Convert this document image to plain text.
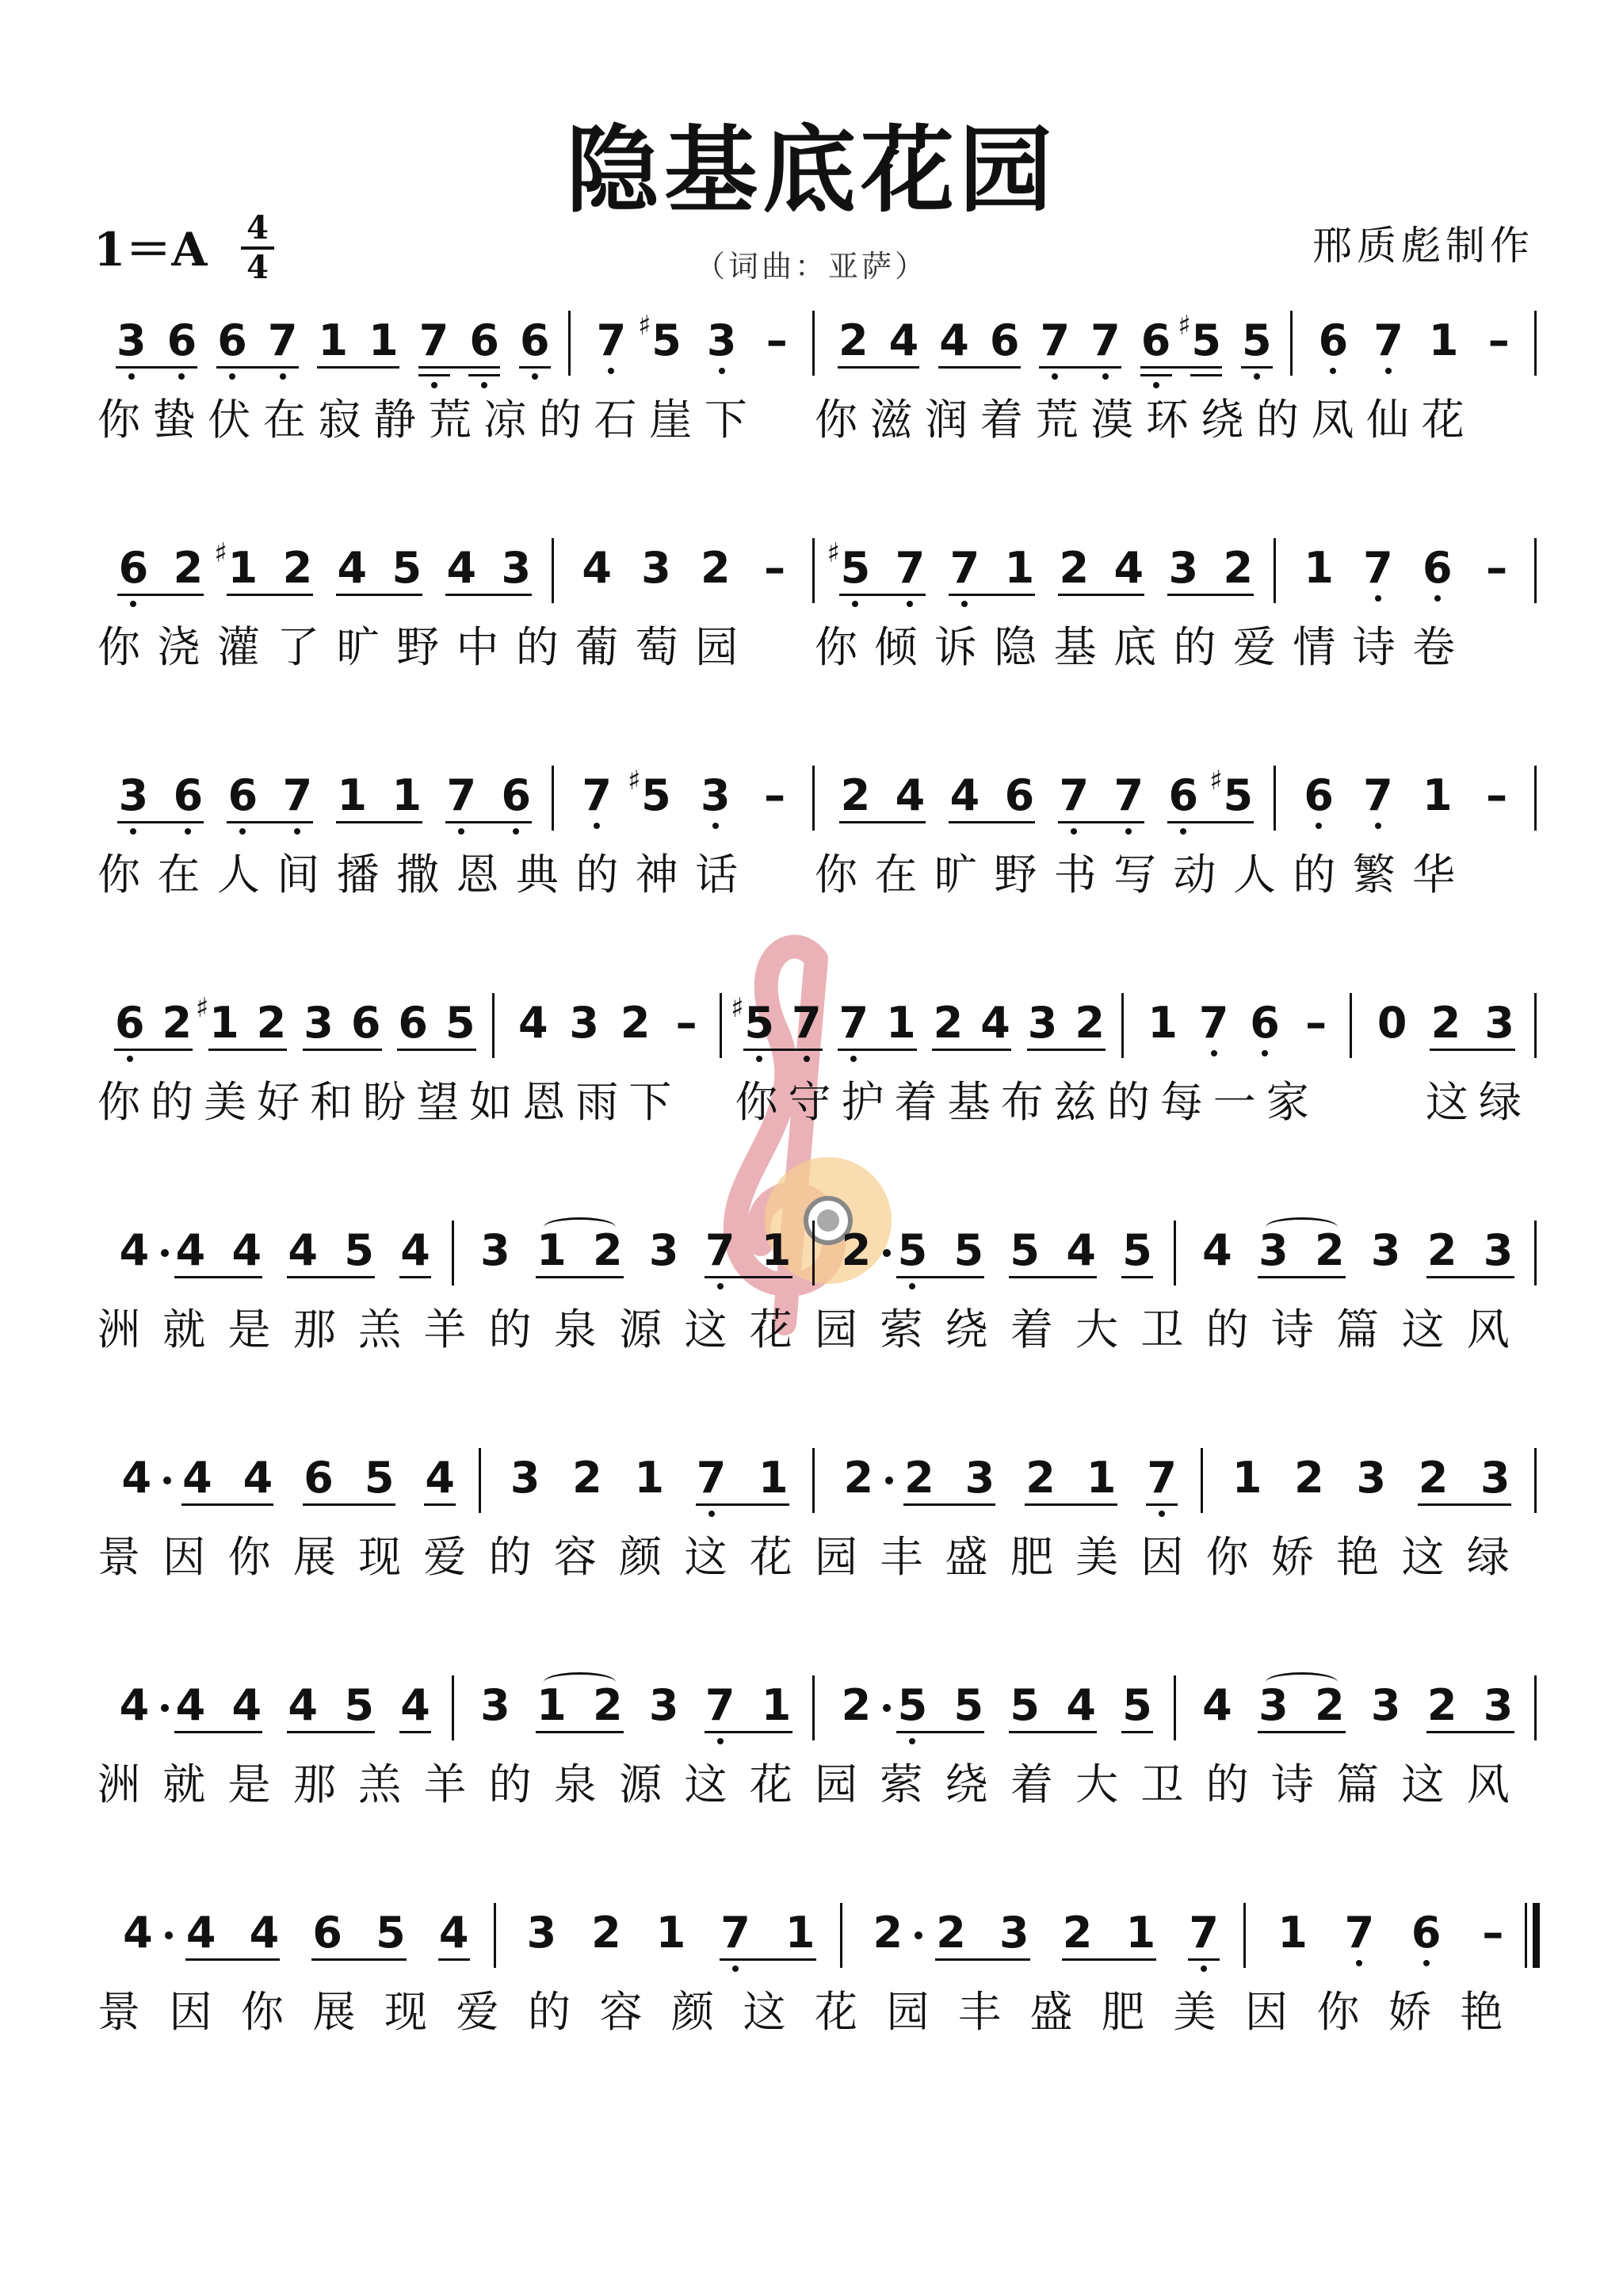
隐基底花园
1＝A 4
4	（词曲：亚萨）	邢质彪制作
3 6 6 7 1 1 7 6 6 7 5
♯ 3 – 2 4 4 6 7 7 6 5
♯ 5 6 7 1 –
你 蛰 伏 在 寂 静 荒 凉 的 石 崖 下 你 滋 润 着 荒 漠 环 绕 的 凤 仙 花
6 2 1
♯ 2 4 5 4 3 4 3 2 – 5
♯ 7 7 1 2 4 3 2 1 7 6 –
你 浇 灌 了 旷 野 中 的 葡 萄 园 你 倾 诉 隐 基 底 的 爱 情 诗 卷
3 6 6 7 1 1 7 6 7 5
♯ 3 – 2 4 4 6 7 7 6 5
♯ 6 7 1 –
你 在 人 间 播 撒 恩 典 的 神 话 你 在 旷 野 书 写 动 人 的 繁 华
6 2 1
♯ 2 3 6 6 5 4 3 2 – 5
♯ 7 7 1 2 4 3 2 1 7 6 – 0 2 3
你 的 美 好 和 盼 望 如 恩 雨 下 你 守 护 着 基 布 兹 的 每 一 家	这 绿
4 4 4 4 5 4 3 1 2 3 7 1 2 5 5 5 4 5 4 3 2 3 2 3
洲 就 是 那 羔 羊 的 泉 源 这 花 园 萦 绕 着 大 卫 的 诗 篇 这 风
4 4 4 6 5 4 3 2 1 7 1 2 2 3 2 1 7 1 2 3 2 3
景 因 你 展 现 爱 的 容 颜 这 花 园 丰 盛 肥 美 因 你 娇 艳 这 绿
4 4 4 4 5 4 3 1 2 3 7 1 2 5 5 5 4 5 4 3 2 3 2 3
洲 就 是 那 羔 羊 的 泉 源 这 花 园 萦 绕 着 大 卫 的 诗 篇 这 风
4 4 4 6 5 4 3 2 1 7 1 2 2 3 2 1 7 1 7 6 –
景 因 你 展 现 爱 的 容 颜 这 花 园 丰 盛 肥 美 因 你 娇 艳
